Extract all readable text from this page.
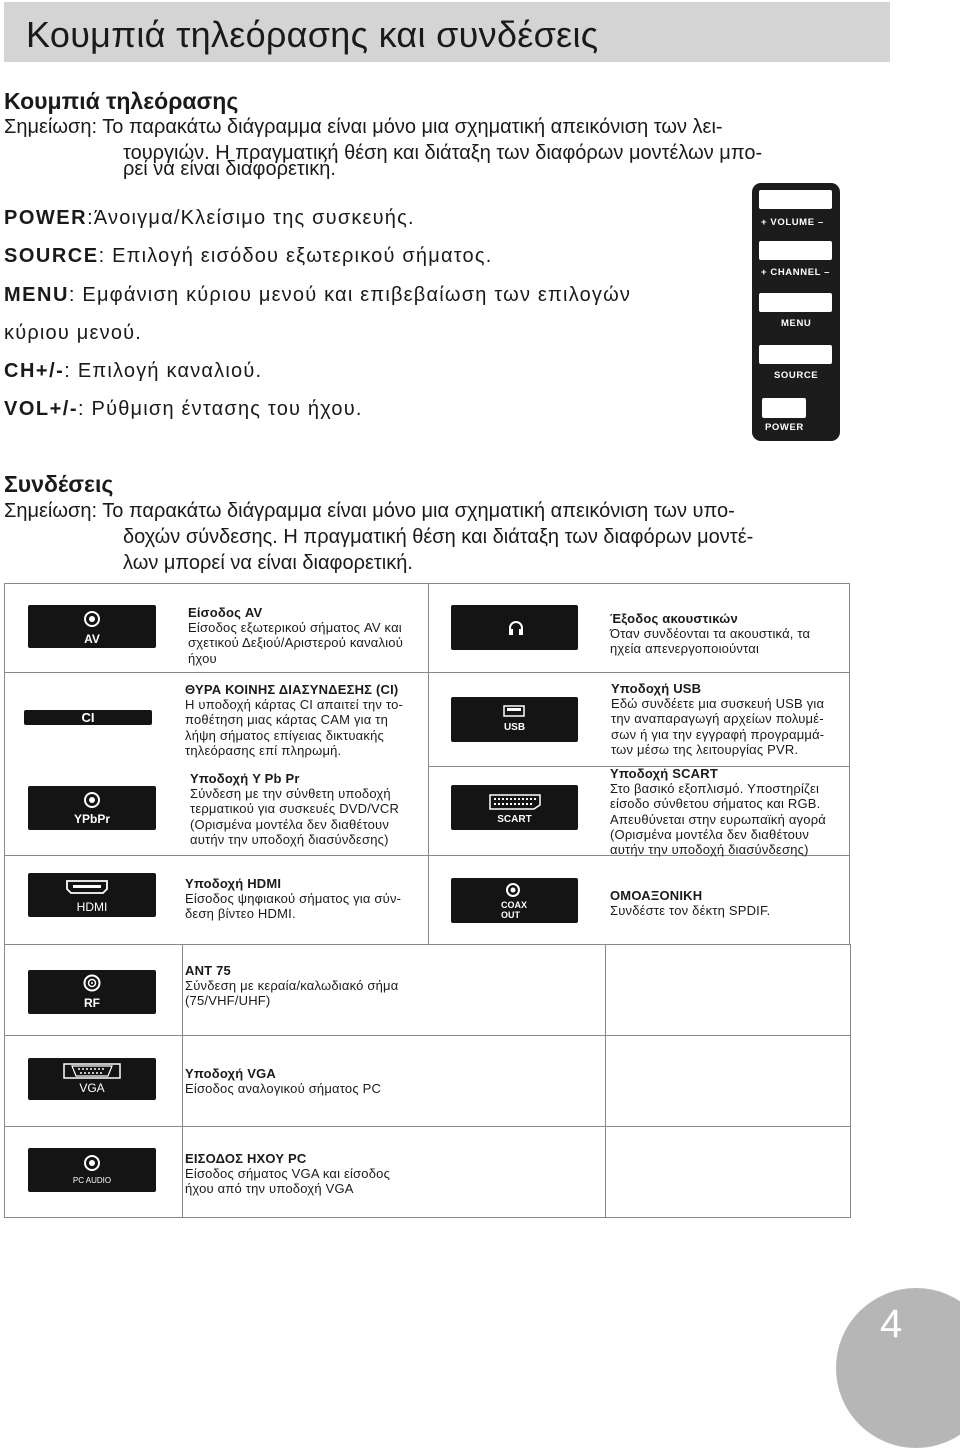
Κουμπιά τηλεόρασης και συνδέσεις
Κουμπιά τηλεόρασης
Σημείωση: Το παρακάτω διάγραμμα είναι μόνο μια σχηματική απεικόνιση των λει-
τουργιών. Η πραγματική θέση και διάταξη των διαφόρων μοντέλων μπο-
ρεί να είναι διαφορετική.
POWER:Άνοιγμα/Κλείσιμο της συσκευής.
SOURCE: Επιλογή εισόδου εξωτερικού σήματος.
MENU: Εμφάνιση κύριου μενού και επιβεβαίωση των επιλογών
κύριου μενού.
CH+/-: Επιλογή καναλιού.
VOL+/-: Ρύθμιση έντασης του ήχου.
+ VOLUME –
+ CHANNEL –
MENU
SOURCE
POWER
Συνδέσεις
Σημείωση: Το παρακάτω διάγραμμα είναι μόνο μια σχηματική απεικόνιση των υπο-
δοχών σύνδεσης. Η πραγματική θέση και διάταξη των διαφόρων μοντέ-
λων μπορεί να είναι διαφορετική.
AV
Είσοδος AV
Είσοδος εξωτερικού σήματος AV και
σχετικού Δεξιού/Αριστερού καναλιού
ήχου
Έξοδος ακουστικών
Όταν συνδέονται τα ακουστικά, τα
ηχεία απενεργοποιούνται
CI
ΘΥΡΑ ΚΟΙΝΗΣ ΔΙΑΣΥΝΔΕΣΗΣ (CI)
Η υποδοχή κάρτας CI απαιτεί την το-
ποθέτηση μιας κάρτας CAM για τη
λήψη σήματος επίγειας δικτυακής
τηλεόρασης επί πληρωμή.
USB
Υποδοχή USB
Εδώ συνδέετε μια συσκευή USB για
την αναπαραγωγή αρχείων πολυμέ-
σων ή για την εγγραφή προγραμμά-
των μέσω της λειτουργίας PVR.
YPbPr
Υποδοχή Y Pb Pr
Σύνδεση με την σύνθετη υποδοχή
τερματικού για συσκευές DVD/VCR
(Ορισμένα μοντέλα δεν διαθέτουν
αυτήν την υποδοχή διασύνδεσης)
SCART
Υποδοχή SCART
Στο βασικό εξοπλισμό. Υποστηρίζει
είσοδο σύνθετου σήματος και RGB.
Απευθύνεται στην ευρωπαϊκή αγορά
(Ορισμένα μοντέλα δεν διαθέτουν
αυτήν την υποδοχή διασύνδεσης)
HDMI
Υποδοχή HDMI
Είσοδος ψηφιακού σήματος για σύν-
δεση βίντεο HDMI.
COAX
OUT
ΟΜΟΑΞΟΝΙΚΗ
Συνδέστε τον δέκτη SPDIF.
RF
ANT 75
Σύνδεση με κεραία/καλωδιακό σήμα
(75/VHF/UHF)
VGA
Υποδοχή VGA
Είσοδος αναλογικού σήματος PC
PC AUDIO
ΕΙΣΟΔΟΣ ΗΧΟΥ PC
Είσοδος σήματος VGA και είσοδος
ήχου από την υποδοχή VGA
4
